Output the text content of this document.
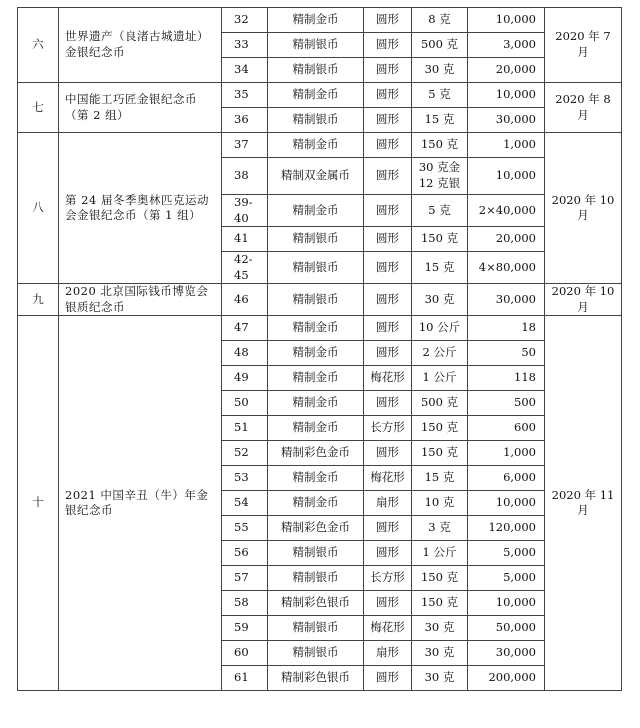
六	世界遗产（良渚古城遗址）金银纪念币	32	精制金币	圆形	8 克	10,000	2020 年 7 月
		33	精制银币	圆形	500 克	3,000	
		34	精制银币	圆形	30 克	20,000	
七	中国能工巧匠金银纪念币（第 2 组）	35	精制金币	圆形	5 克	10,000	2020 年 8 月
		36	精制银币	圆形	15 克	30,000	
八	第 24 届冬季奥林匹克运动会金银纪念币（第 1 组）	37	精制金币	圆形	150 克	1,000	2020 年 10 月
		38	精制双金属币	圆形	30 克金 12 克银	10,000	
		39-40	精制金币	圆形	5 克	2×40,000	
		41	精制银币	圆形	150 克	20,000	
		42-45	精制银币	圆形	15 克	4×80,000	
九	2020 北京国际钱币博览会银质纪念币	46	精制银币	圆形	30 克	30,000	2020 年 10 月
十	2021 中国辛丑（牛）年金银纪念币	47	精制金币	圆形	10 公斤	18	2020 年 11 月
		48	精制金币	圆形	2 公斤	50	
		49	精制金币	梅花形	1 公斤	118	
		50	精制金币	圆形	500 克	500	
		51	精制金币	长方形	150 克	600	
		52	精制彩色金币	圆形	150 克	1,000	
		53	精制金币	梅花形	15 克	6,000	
		54	精制金币	扇形	10 克	10,000	
		55	精制彩色金币	圆形	3 克	120,000	
		56	精制银币	圆形	1 公斤	5,000	
		57	精制银币	长方形	150 克	5,000	
		58	精制彩色银币	圆形	150 克	10,000	
		59	精制银币	梅花形	30 克	50,000	
		60	精制银币	扇形	30 克	30,000	
		61	精制彩色银币	圆形	30 克	200,000	
